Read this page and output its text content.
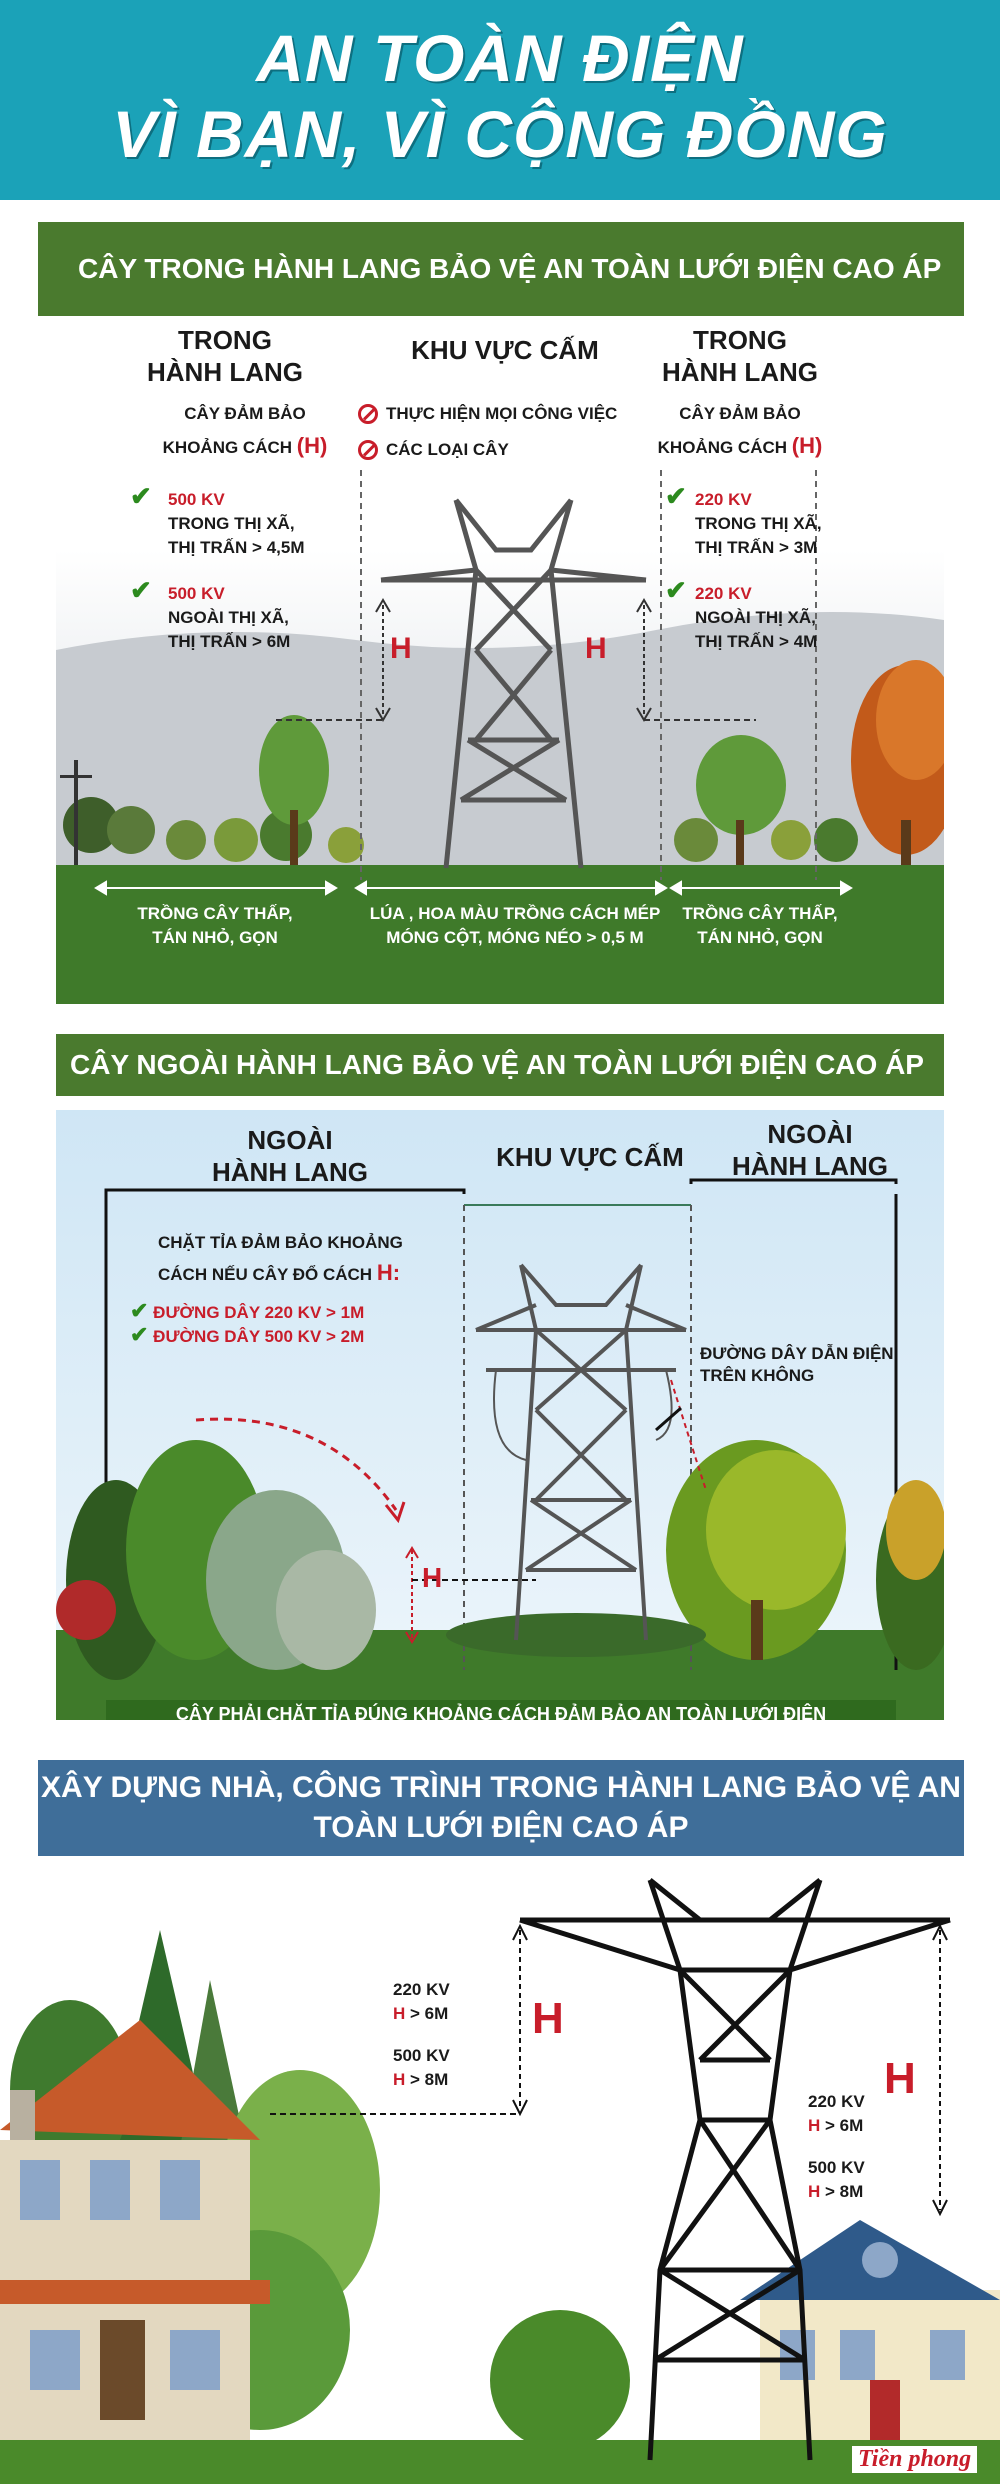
AN TOÀN ĐIỆN
VÌ BẠN, VÌ CỘNG ĐỒNG
CÂY TRONG HÀNH LANG BẢO VỆ AN TOÀN LƯỚI ĐIỆN CAO ÁP
TRONG
HÀNH LANG
KHU VỰC CẤM	TRONG
HÀNH LANG
THỰC HIỆN MỌI CÔNG VIỆC
CÁC LOẠI CÂY
CÂY ĐẢM BẢO
KHOẢNG CÁCH (H)
✔ 500 KV
TRONG THỊ XÃ,
THỊ TRẤN > 4,5M
✔ 500 KV
NGOÀI THỊ XÃ,
THỊ TRẤN > 6M
CÂY ĐẢM BẢO
KHOẢNG CÁCH (H)
✔ 220 KV
TRONG THỊ XÃ,
THỊ TRẤN > 3M
✔ 220 KV
NGOÀI THỊ XÃ,
THỊ TRẤN > 4M
H	H
TRỒNG CÂY THẤP,
TÁN NHỎ, GỌN
LÚA , HOA MÀU TRỒNG CÁCH MÉP
MÓNG CỘT, MÓNG NÉO > 0,5 M
TRỒNG CÂY THẤP,
TÁN NHỎ, GỌN
CÂY NGOÀI HÀNH LANG BẢO VỆ AN TOÀN LƯỚI ĐIỆN CAO ÁP
NGOÀI
HÀNH LANG	KHU VỰC CẤM
NGOÀI
HÀNH LANG
CHẶT TỈA ĐẢM BẢO KHOẢNG
CÁCH NẾU CÂY ĐỔ CÁCH H:
✔ ĐƯỜNG DÂY 220 KV > 1M
✔ ĐƯỜNG DÂY 500 KV > 2M
ĐƯỜNG DÂY DẪN ĐIỆN
TRÊN KHÔNG
H
CÂY PHẢI CHẶT TỈA ĐÚNG KHOẢNG CÁCH ĐẢM BẢO AN TOÀN LƯỚI ĐIỆN
XÂY DỰNG NHÀ, CÔNG TRÌNH TRONG HÀNH LANG BẢO VỆ AN
TOÀN LƯỚI ĐIỆN CAO ÁP
220 KV
H > 6M
500 KV
H > 8M
H
220 KV
H > 6M
500 KV
H > 8M
H
Tiền phong
